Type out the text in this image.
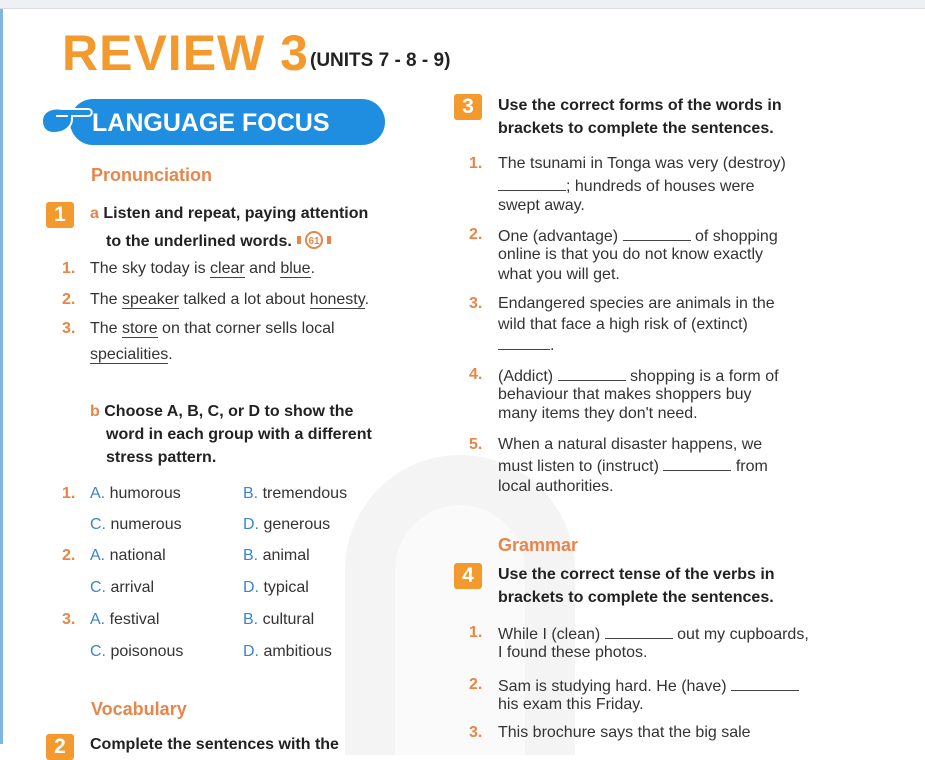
REVIEW 3 (UNITS 7 - 8 - 9)
LANGUAGE FOCUS
Pronunciation
1	a Listen and repeat, paying attention
to the underlined words. 61
1. The sky today is clear and blue.
2. The speaker talked a lot about honesty.
3. The store on that corner sells local
specialities.
b Choose A, B, C, or D to show the
word in each group with a different
stress pattern.
1. A. humorous	B. tremendous
C. numerous	D. generous
2. A. national	B. animal
C. arrival	D. typical
3. A. festival	B. cultural
C. poisonous	D. ambitious
Vocabulary
2	Complete the sentences with the
3	Use the correct forms of the words in
brackets to complete the sentences.
1. The tsunami in Tonga was very (destroy)
; hundreds of houses were
swept away.
2. One (advantage)	of shopping
online is that you do not know exactly
what you will get.
3. Endangered species are animals in the
wild that face a high risk of (extinct)
.
4. (Addict)	shopping is a form of
behaviour that makes shoppers buy
many items they don't need.
5. When a natural disaster happens, we
must listen to (instruct)	from
local authorities.
Grammar
4	Use the correct tense of the verbs in
brackets to complete the sentences.
1. While I (clean)	out my cupboards,
I found these photos.
2. Sam is studying hard. He (have)
his exam this Friday.
3. This brochure says that the big sale
